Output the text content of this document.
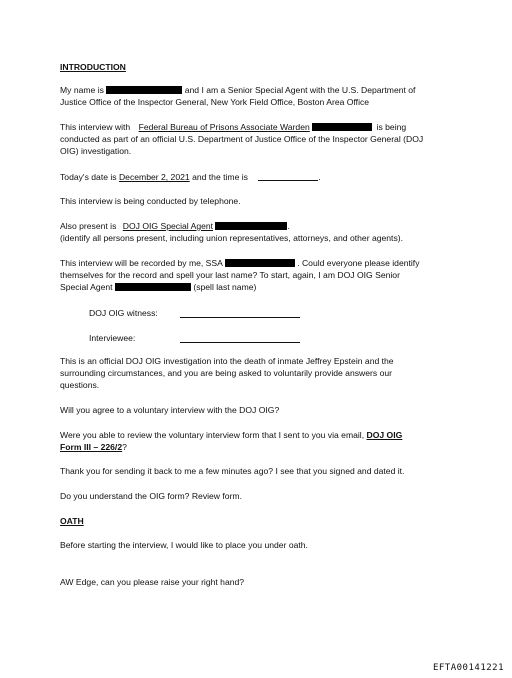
INTRODUCTION
My name is	and I am a Senior Special Agent with the U.S. Department of
Justice Office of the Inspector General, New York Field Office, Boston Area Office
This interview with Federal Bureau of Prisons Associate Warden	is being
conducted as part of an official U.S. Department of Justice Office of the Inspector General (DOJ
OIG) investigation.
Today's date is December 2, 2021 and the time is	.
This interview is being conducted by telephone.
Also present is DOJ OIG Special Agent	.
(identify all persons present, including union representatives, attorneys, and other agents).
This interview will be recorded by me, SSA	. Could everyone please identify
themselves for the record and spell your last name? To start, again, I am DOJ OIG Senior
Special Agent	(spell last name)
DOJ OIG witness:
Interviewee:
This is an official DOJ OIG investigation into the death of inmate Jeffrey Epstein and the
surrounding circumstances, and you are being asked to voluntarily provide answers our
questions.
Will you agree to a voluntary interview with the DOJ OIG?
Were you able to review the voluntary interview form that I sent to you via email, DOJ OIG
Form III – 226/2?
Thank you for sending it back to me a few minutes ago? I see that you signed and dated it.
Do you understand the OIG form? Review form.
OATH
Before starting the interview, I would like to place you under oath.
AW Edge, can you please raise your right hand?
EFTA00141221
